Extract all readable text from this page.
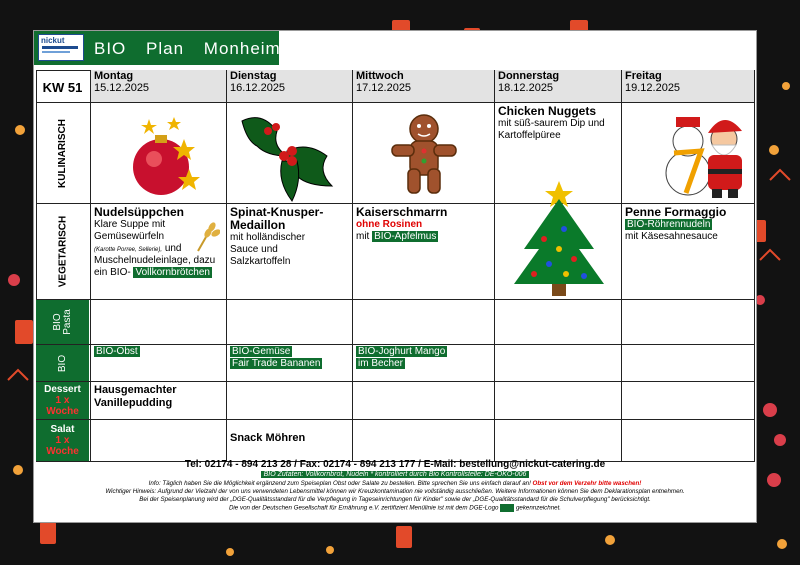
nickut BIO Plan Monheim
KW 51
Montag
15.12.2025
Dienstag
16.12.2025
Mittwoch
17.12.2025
Donnerstag
18.12.2025
Freitag
19.12.2025
KULINARISCH
VEGETARISCH
BIO Pasta
BIO
Dessert
1 x
Woche
Salat
1 x
Woche
Chicken Nuggets
mit süß-saurem Dip und Kartoffelpüree
Nudelsüppchen
Klare Suppe mit Gemüsewürfeln
(Karotte Porree, Sellerie), und Muschelnudeleinlage, dazu ein BIO- Vollkornbrötchen
Spinat-Knusper-Medaillon
mit holländischer Sauce und Salzkartoffeln
Kaiserschmarrn
ohne Rosinen
mit BIO-Apfelmus
Penne Formaggio
BIO-Röhrennudeln
mit Käsesahnesauce
BIO-Obst	BIO-Gemüse
Fair Trade Bananen
BIO-Joghurt Mango
im Becher
Hausgemachter Vanillepudding
Snack Möhren
Tel: 02174 - 894 213 28 / Fax: 02174 - 894 213 177 / E-Mail: bestellung@nickut-catering.de
BIO Zutaten: Vollkornbrot, Nudeln * kontrolliert durch Bio Kontrollstelle: DE-ÖKO-006
Info: Täglich haben Sie die Möglichkeit ergänzend zum Speiseplan Obst oder Salate zu bestellen. Bitte sprechen Sie uns einfach darauf an! Obst vor dem Verzehr bitte waschen!
Wichtiger Hinweis: Aufgrund der Vielzahl der von uns verwendeten Lebensmittel können wir Kreuzkontamination nie vollständig ausschließen. Weitere Informationen können Sie dem Deklarationsplan entnehmen.
Bei der Speisenplanung wird der „DGE-Qualitätsstandard für die Verpflegung in Tageseinrichtungen für Kinder" sowie der „DGE-Qualitätsstandard für die Schulverpflegung" berücksichtigt.
Die von der Deutschen Gesellschaft für Ernährung e.V. zertifiziert Menülinie ist mit dem DGE-Logo	gekennzeichnet.
